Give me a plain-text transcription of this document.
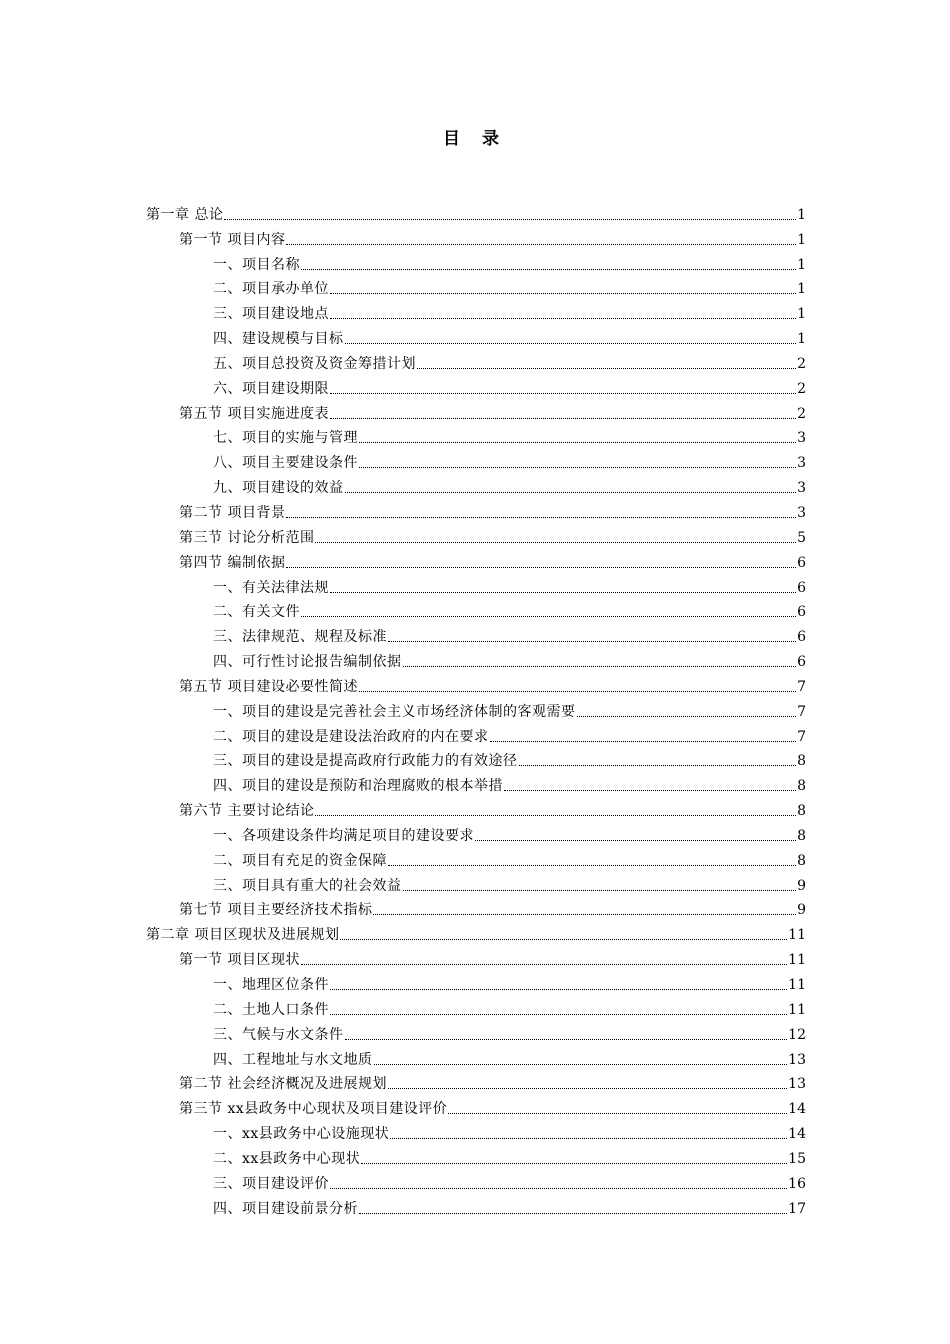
目 录
第一章 总论	1
第一节 项目内容	1
一、项目名称	1
二、项目承办单位	1
三、项目建设地点	1
四、建设规模与目标	1
五、项目总投资及资金筹措计划	2
六、项目建设期限	2
第五节 项目实施进度表	2
七、项目的实施与管理	3
八、项目主要建设条件	3
九、项目建设的效益	3
第二节 项目背景	3
第三节 讨论分析范围	5
第四节 编制依据	6
一、有关法律法规	6
二、有关文件	6
三、法律规范、规程及标准	6
四、可行性讨论报告编制依据	6
第五节 项目建设必要性简述	7
一、项目的建设是完善社会主义市场经济体制的客观需要	7
二、项目的建设是建设法治政府的内在要求	7
三、项目的建设是提高政府行政能力的有效途径	8
四、项目的建设是预防和治理腐败的根本举措	8
第六节 主要讨论结论	8
一、各项建设条件均满足项目的建设要求	8
二、项目有充足的资金保障	8
三、项目具有重大的社会效益	9
第七节 项目主要经济技术指标	9
第二章 项目区现状及进展规划	11
第一节 项目区现状	11
一、地理区位条件	11
二、土地人口条件	11
三、气候与水文条件	12
四、工程地址与水文地质	13
第二节 社会经济概况及进展规划	13
第三节 xx县政务中心现状及项目建设评价	14
一、xx县政务中心设施现状	14
二、xx县政务中心现状	15
三、项目建设评价	16
四、项目建设前景分析	17
